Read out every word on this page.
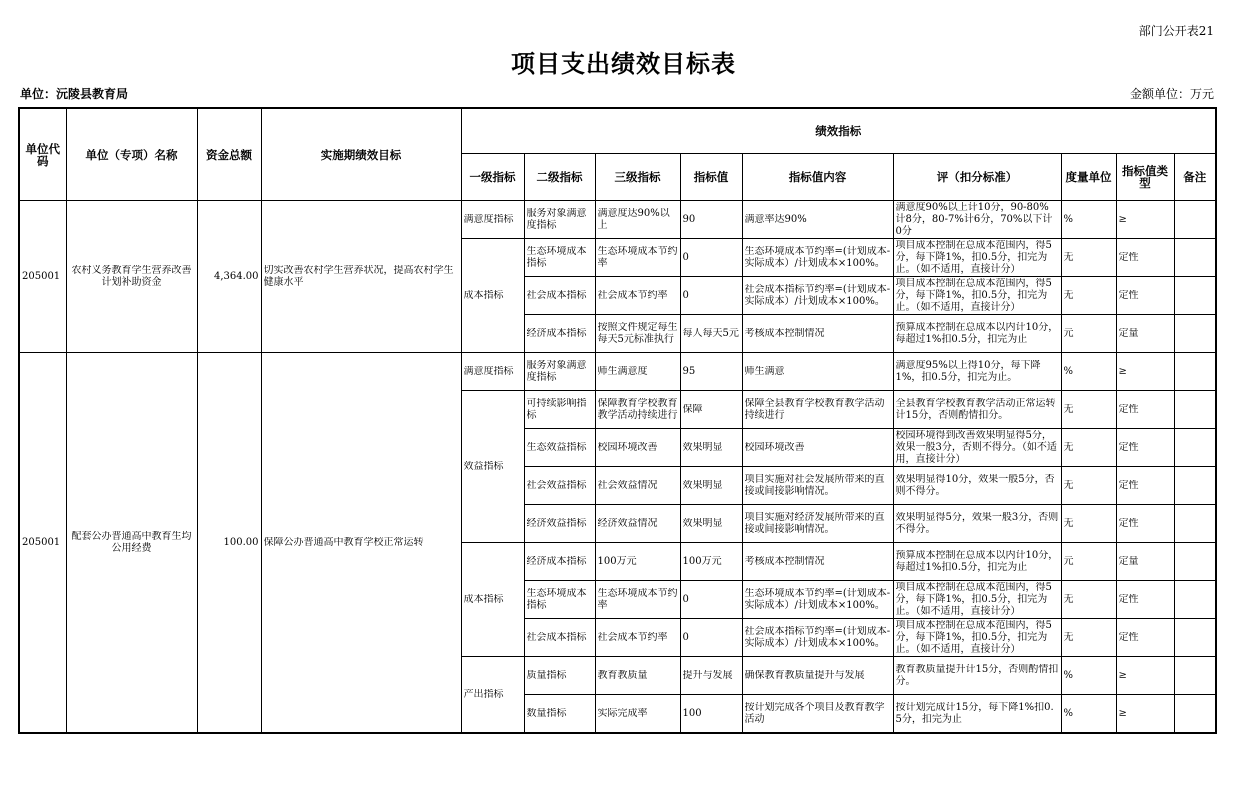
部门公开表21
项目支出绩效目标表
单位：沅陵县教育局	金额单位：万元
单位代码	单位（专项）名称	资金总额	实施期绩效目标	绩效指标								
				一级指标	二级指标	三级指标	指标值	指标值内容	评（扣分标准）	度量单位	指标值类型	备注

205001	农村义务教育学生营养改善计划补助资金	4,364.00	切实改善农村学生营养状况，提高农村学生健康水平	满意度指标	服务对象满意度指标	满意度达90%以上	90	满意率达90%	满意度90%以上计10分，90-80%计8分，80-7%计6分，70%以下计0分	%	≥	

				成本指标	生态环境成本指标	生态环境成本节约率	0	生态环境成本节约率=(计划成本-实际成本）/计划成本×100%。	项目成本控制在总成本范围内，得5分，每下降1%，扣0.5分，扣完为止。（如不适用，直接计分）	无	定性	

					社会成本指标	社会成本节约率	0	社会成本指标节约率=(计划成本-实际成本）/计划成本×100%。	项目成本控制在总成本范围内，得5分，每下降1%，扣0.5分，扣完为止。（如不适用，直接计分）	无	定性	

					经济成本指标	按照文件规定每生每天5元标准执行	每人每天5元	考核成本控制情况	预算成本控制在总成本以内计10分，每超过1%扣0.5分，扣完为止	元	定量	

205001	配套公办普通高中教育生均公用经费	100.00	保障公办普通高中教育学校正常运转	满意度指标	服务对象满意度指标	师生满意度	95	师生满意	满意度95%以上得10分，每下降1%，扣0.5分，扣完为止。	%	≥	

				效益指标	可持续影响指标	保障教育学校教育教学活动持续进行	保障	保障全县教育学校教育教学活动持续进行	全县教育学校教育教学活动正常运转计15分，否则酌情扣分。	无	定性	

					生态效益指标	校园环境改善	效果明显	校园环境改善	校园环境得到改善效果明显得5分，效果一般3分，否则不得分。（如不适用，直接计分）	无	定性	

					社会效益指标	社会效益情况	效果明显	项目实施对社会发展所带来的直接或间接影响情况。	效果明显得10分，效果一般5分，否则不得分。	无	定性	

					经济效益指标	经济效益情况	效果明显	项目实施对经济发展所带来的直接或间接影响情况。	效果明显得5分，效果一般3分，否则不得分。	无	定性	

				成本指标	经济成本指标	100万元	100万元	考核成本控制情况	预算成本控制在总成本以内计10分，每超过1%扣0.5分，扣完为止	元	定量	

					生态环境成本指标	生态环境成本节约率	0	生态环境成本节约率=(计划成本-实际成本）/计划成本×100%。	项目成本控制在总成本范围内，得5分，每下降1%，扣0.5分，扣完为止。（如不适用，直接计分）	无	定性	

					社会成本指标	社会成本节约率	0	社会成本指标节约率=(计划成本-实际成本）/计划成本×100%。	项目成本控制在总成本范围内，得5分，每下降1%，扣0.5分，扣完为止。（如不适用，直接计分）	无	定性	

				产出指标	质量指标	教育教质量	提升与发展	确保教育教质量提升与发展	教育教质量提升计15分，否则酌情扣分。	%	≥	

					数量指标	实际完成率	100	按计划完成各个项目及教育教学活动	按计划完成计15分，每下降1%扣0.5分，扣完为止	%	≥	
